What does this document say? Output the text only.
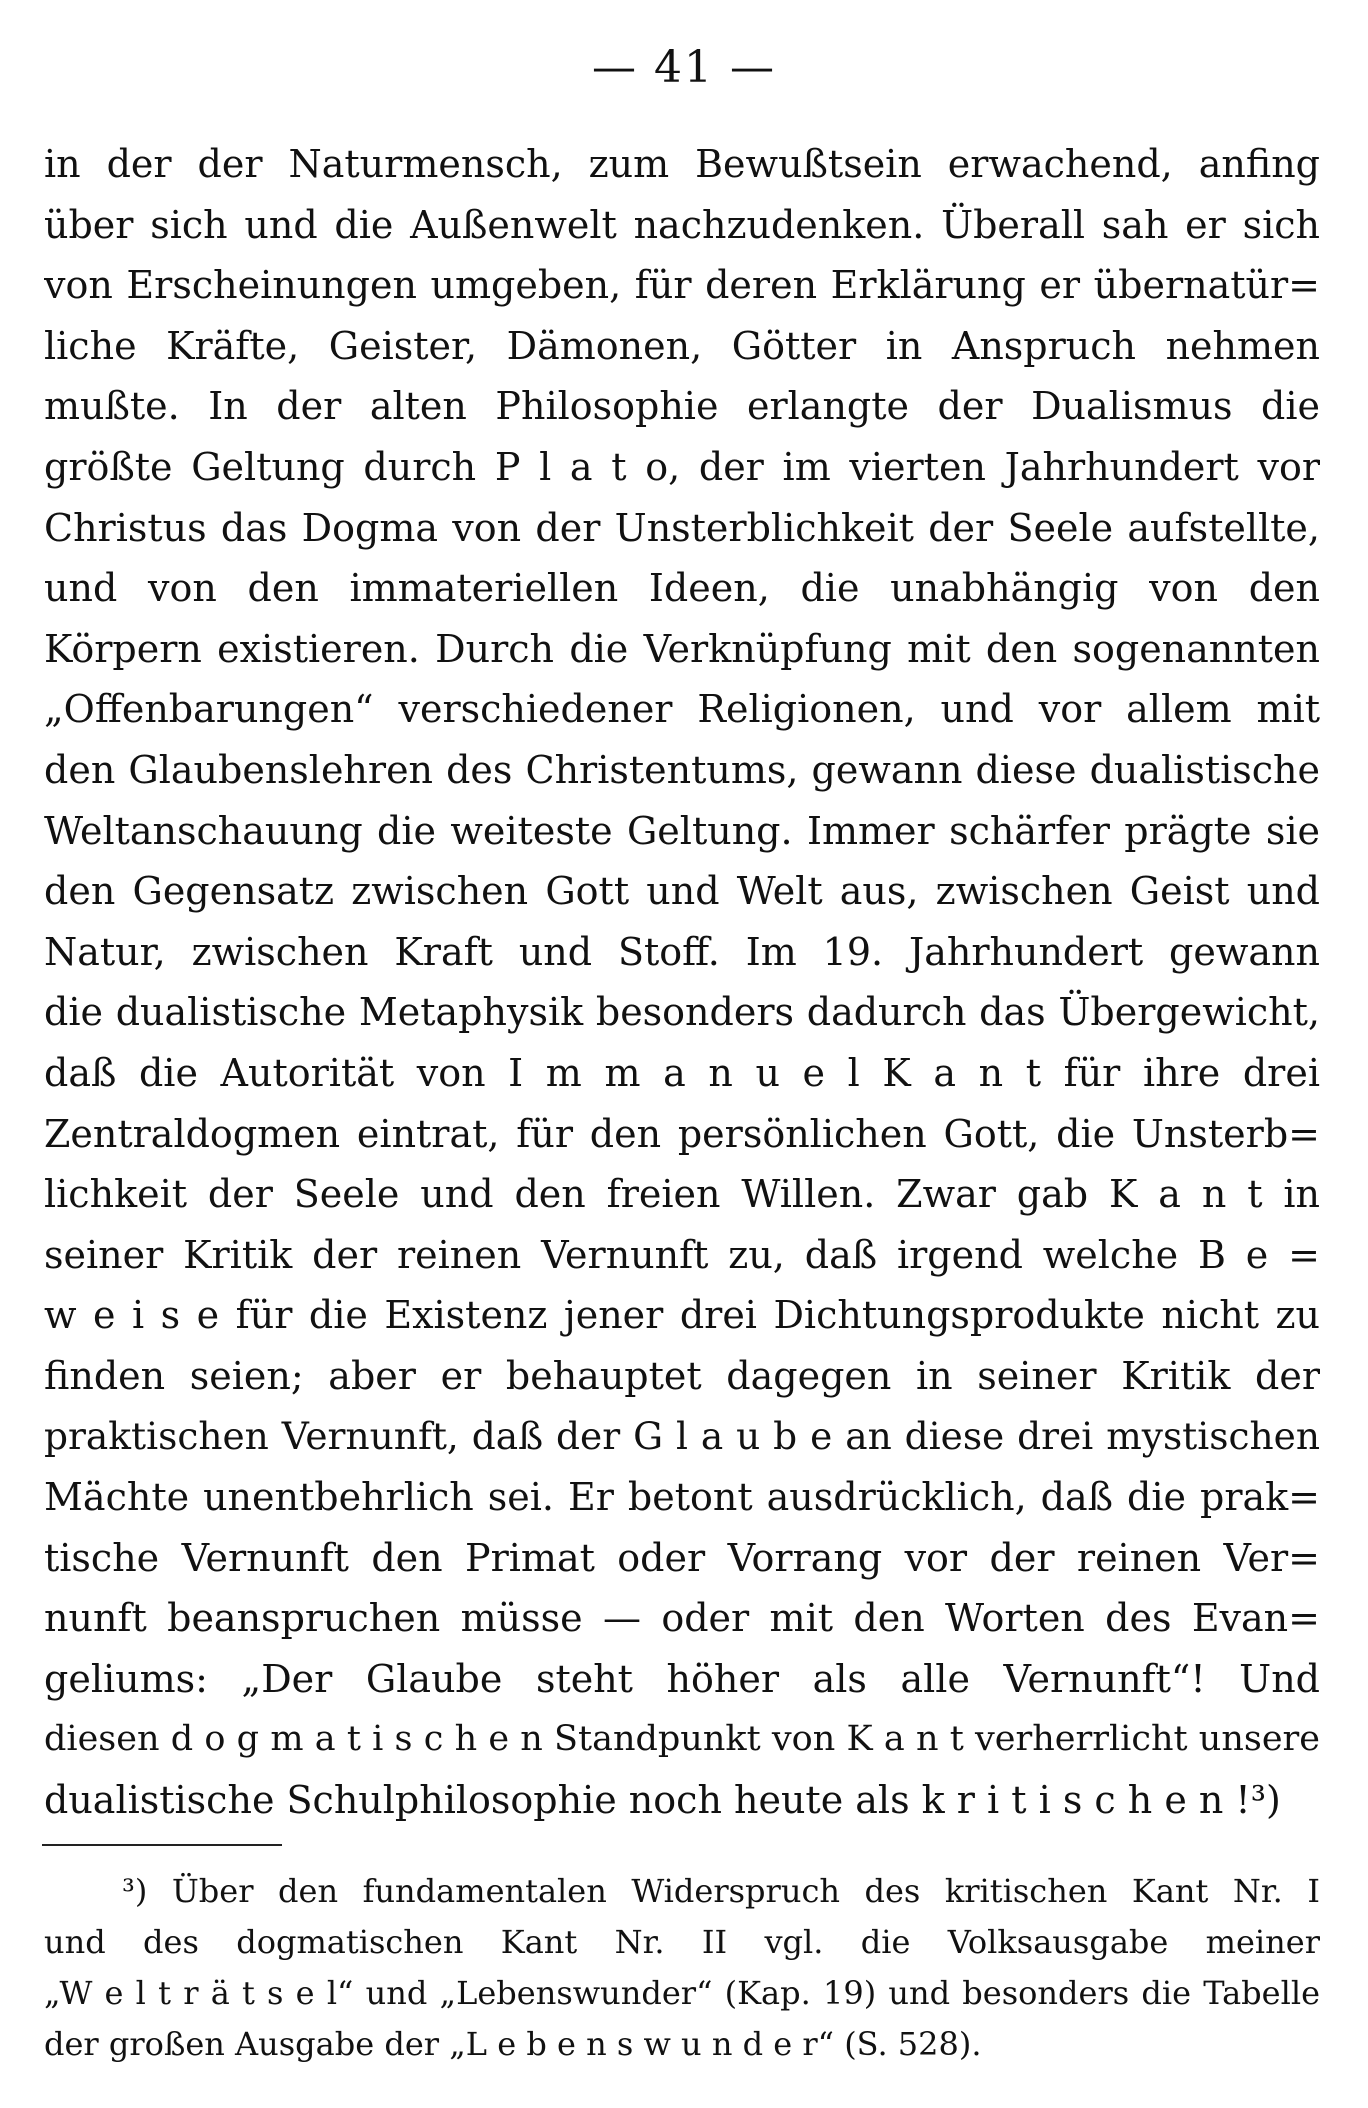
— 41 —
in der der Naturmensch, zum Bewußtsein erwachend, anfing
über sich und die Außenwelt nachzudenken. Überall sah er sich
von Erscheinungen umgeben, für deren Erklärung er übernatür=
liche Kräfte, Geister, Dämonen, Götter in Anspruch nehmen
mußte. In der alten Philosophie erlangte der Dualismus die
größte Geltung durch P l a t o, der im vierten Jahrhundert vor
Christus das Dogma von der Unsterblichkeit der Seele aufstellte,
und von den immateriellen Ideen, die unabhängig von den
Körpern existieren. Durch die Verknüpfung mit den sogenannten
„Offenbarungen“ verschiedener Religionen, und vor allem mit
den Glaubenslehren des Christentums, gewann diese dualistische
Weltanschauung die weiteste Geltung. Immer schärfer prägte sie
den Gegensatz zwischen Gott und Welt aus, zwischen Geist und
Natur, zwischen Kraft und Stoff. Im 19. Jahrhundert gewann
die dualistische Metaphysik besonders dadurch das Übergewicht,
daß die Autorität von I m m a n u e l K a n t für ihre drei
Zentraldogmen eintrat, für den persönlichen Gott, die Unsterb=
lichkeit der Seele und den freien Willen. Zwar gab K a n t in
seiner Kritik der reinen Vernunft zu, daß irgend welche B e =
w e i s e für die Existenz jener drei Dichtungsprodukte nicht zu
finden seien; aber er behauptet dagegen in seiner Kritik der
praktischen Vernunft, daß der G l a u b e an diese drei mystischen
Mächte unentbehrlich sei. Er betont ausdrücklich, daß die prak=
tische Vernunft den Primat oder Vorrang vor der reinen Ver=
nunft beanspruchen müsse — oder mit den Worten des Evan=
geliums: „Der Glaube steht höher als alle Vernunft“! Und
diesen d o g m a t i s c h e n Standpunkt von K a n t verherrlicht unsere
dualistische Schulphilosophie noch heute als k r i t i s c h e n !³)
³) Über den fundamentalen Widerspruch des kritischen Kant Nr. I
und des dogmatischen Kant Nr. II vgl. die Volksausgabe meiner
„W e l t r ä t s e l“ und „Lebenswunder“ (Kap. 19) und besonders die Tabelle
der großen Ausgabe der „L e b e n s w u n d e r“ (S. 528).
